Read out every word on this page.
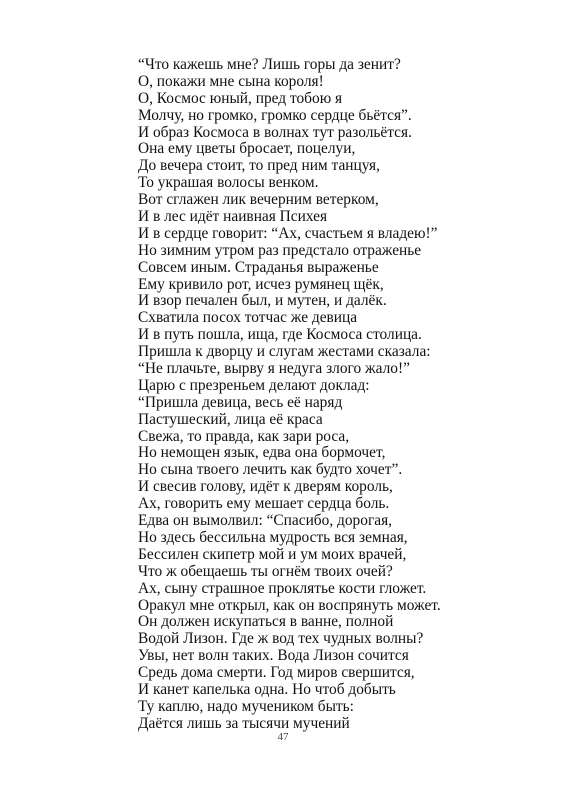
“Что кажешь мне? Лишь горы да зенит?
О, покажи мне сына короля!
О, Космос юный, пред тобою я
Молчу, но громко, громко сердце бьётся”.
И образ Космоса в волнах тут разольётся.
Она ему цветы бросает, поцелуи,
До вечера стоит, то пред ним танцуя,
То украшая волосы венком.
Вот сглажен лик вечерним ветерком,
И в лес идёт наивная Психея
И в сердце говорит: “Ах, счастьем я владею!”
Но зимним утром раз предстало отраженье
Совсем иным. Страданья выраженье
Ему кривило рот, исчез румянец щёк,
И взор печален был, и мутен, и далёк.
Схватила посох тотчас же девица
И в путь пошла, ища, где Космоса столица.
Пришла к дворцу и слугам жестами сказала:
“Не плачьте, вырву я недуга злого жало!”
Царю с презреньем делают доклад:
“Пришла девица, весь её наряд
Пастушеский, лица её краса
Свежа, то правда, как зари роса,
Но немощен язык, едва она бормочет,
Но сына твоего лечить как будто хочет”.
И свесив голову, идёт к дверям король,
Ах, говорить ему мешает сердца боль.
Едва он вымолвил: “Спасибо, дорогая,
Но здесь бессильна мудрость вся земная,
Бессилен скипетр мой и ум моих врачей,
Что ж обещаешь ты огнём твоих очей?
Ах, сыну страшное проклятье кости гложет.
Оракул мне открыл, как он воспрянуть может.
Он должен искупаться в ванне, полной
Водой Лизон. Где ж вод тех чудных волны?
Увы, нет волн таких. Вода Лизон сочится
Средь дома смерти. Год миров свершится,
И канет капелька одна. Но чтоб добыть
Ту каплю, надо мучеником быть:
Даётся лишь за тысячи мучений
47
